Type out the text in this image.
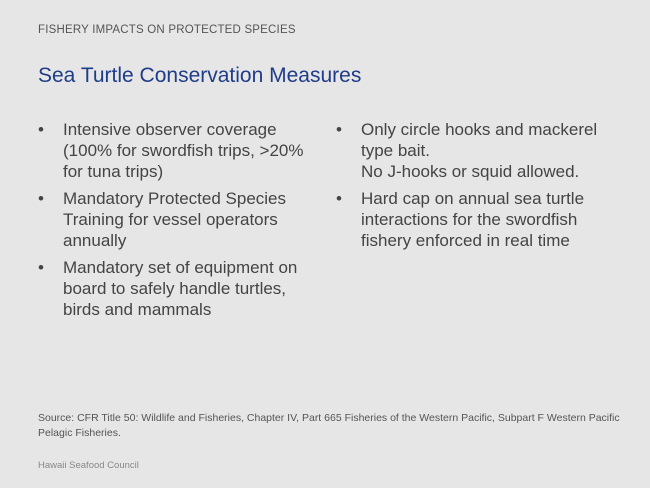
FISHERY IMPACTS ON PROTECTED SPECIES
Sea Turtle Conservation Measures
• Intensive observer coverage (100% for swordfish trips, >20% for tuna trips)
• Mandatory Protected Species Training for vessel operators annually
• Mandatory set of equipment on board to safely handle turtles, birds and mammals
• Only circle hooks and mackerel type bait.
No J-hooks or squid allowed.
• Hard cap on annual sea turtle interactions for the swordfish fishery enforced in real time
Source: CFR Title 50: Wildlife and Fisheries, Chapter IV, Part 665 Fisheries of the Western Pacific, Subpart F Western Pacific Pelagic Fisheries.
Hawaii Seafood Council
